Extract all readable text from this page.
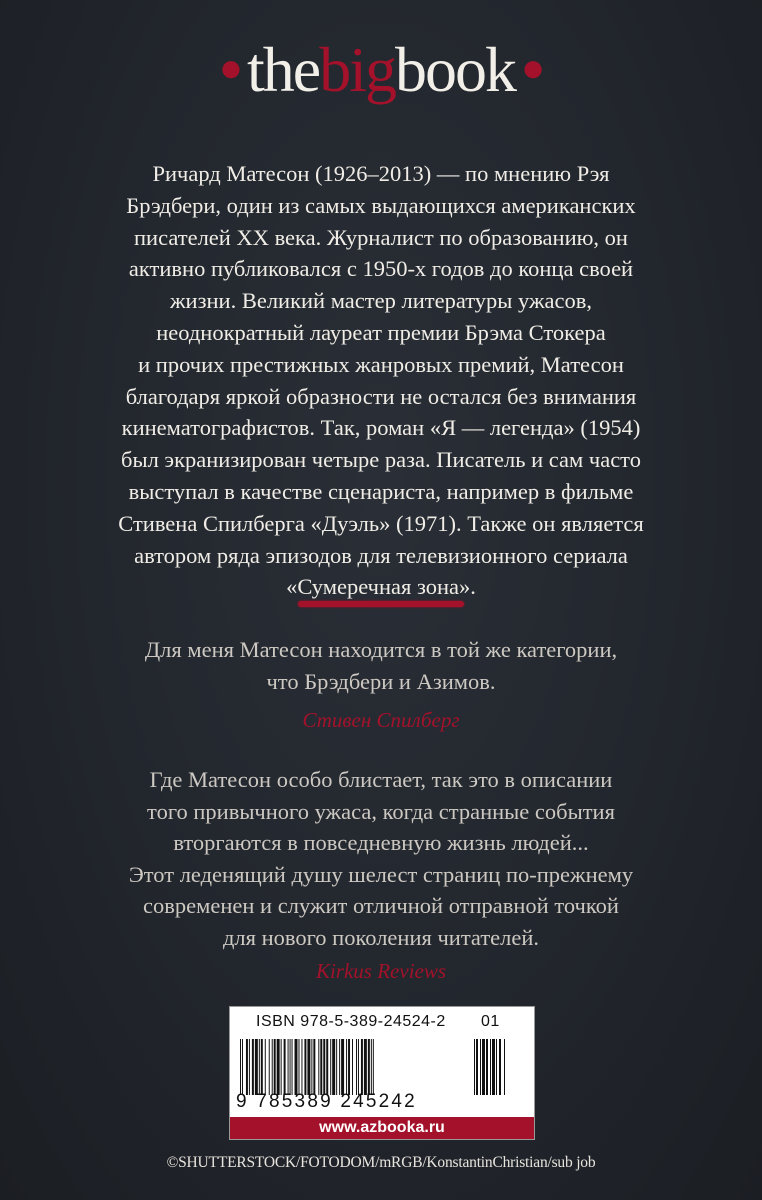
●thebigbook ●

Ричард Матесон (1926–2013) — по мнению Рэя

Брэдбери, один из самых выдающихся американских

писателей XX века. Журналист по образованию, он

активно публиковался с 1950-х годов до конца своей

жизни. Великий мастер литературы ужасов,

неоднократный лауреат премии Брэма Стокера

и прочих престижных жанровых премий, Матесон

благодаря яркой образности не остался без внимания

кинематографистов. Так, роман «Я — легенда» (1954)

был экранизирован четыре раза. Писатель и сам часто

выступал в качестве сценариста, например в фильме

Стивена Спилберга «Дуэль» (1971). Также он является

автором ряда эпизодов для телевизионного сериала

«Сумеречная зона».

Для меня Матесон находится в той же категории,

что Брэдбери и Азимов.

Стивен Спилберг

Где Матесон особо блистает, так это в описании

того привычного ужаса, когда странные события

вторгаются в повседневную жизнь людей...

Этот леденящий душу шелест страниц по-прежнему

современен и служит отличной отправной точкой

для нового поколения читателей.

Kirkus Reviews
ISBN 978-5-389-24524-2 01
9 785389 245242
www.azbooka.ru
©SHUTTERSTOCK/FOTODOM/mRGB/KonstantinChristian/sub job
